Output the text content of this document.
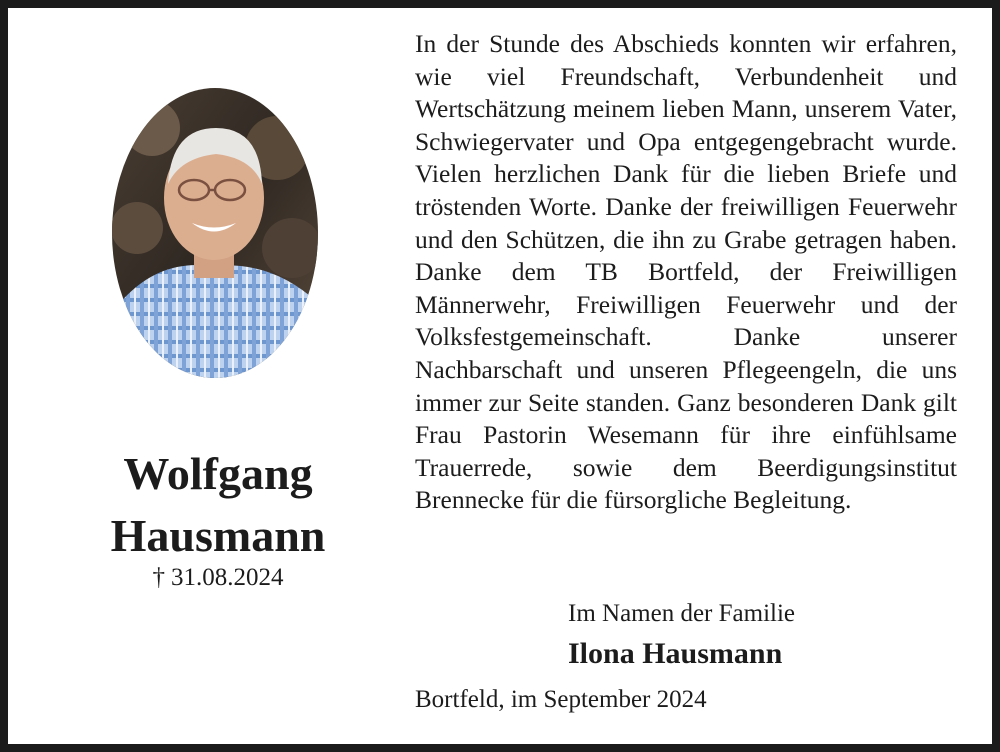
Wolfgang
Hausmann
† 31.08.2024

In der Stunde des Abschieds konnten wir erfahren, wie viel Freundschaft, Verbundenheit und Wertschätzung meinem lieben Mann, unserem Vater, Schwiegervater und Opa entgegengebracht wurde. Vielen herzlichen Dank für die lieben Briefe und tröstenden Worte. Danke der freiwilligen Feuerwehr und den Schützen, die ihn zu Grabe getragen haben. Danke dem TB Bortfeld, der Freiwilligen Männerwehr, Freiwilligen Feuerwehr und der Volksfestgemeinschaft. Danke unserer Nachbarschaft und unseren Pflegeengeln, die uns immer zur Seite standen. Ganz besonderen Dank gilt Frau Pastorin Wesemann für ihre einfühlsame Trauerrede, sowie dem Beerdigungsinstitut Brennecke für die fürsorgliche Begleitung.

Im Namen der Familie
Ilona Hausmann
Bortfeld, im September 2024
